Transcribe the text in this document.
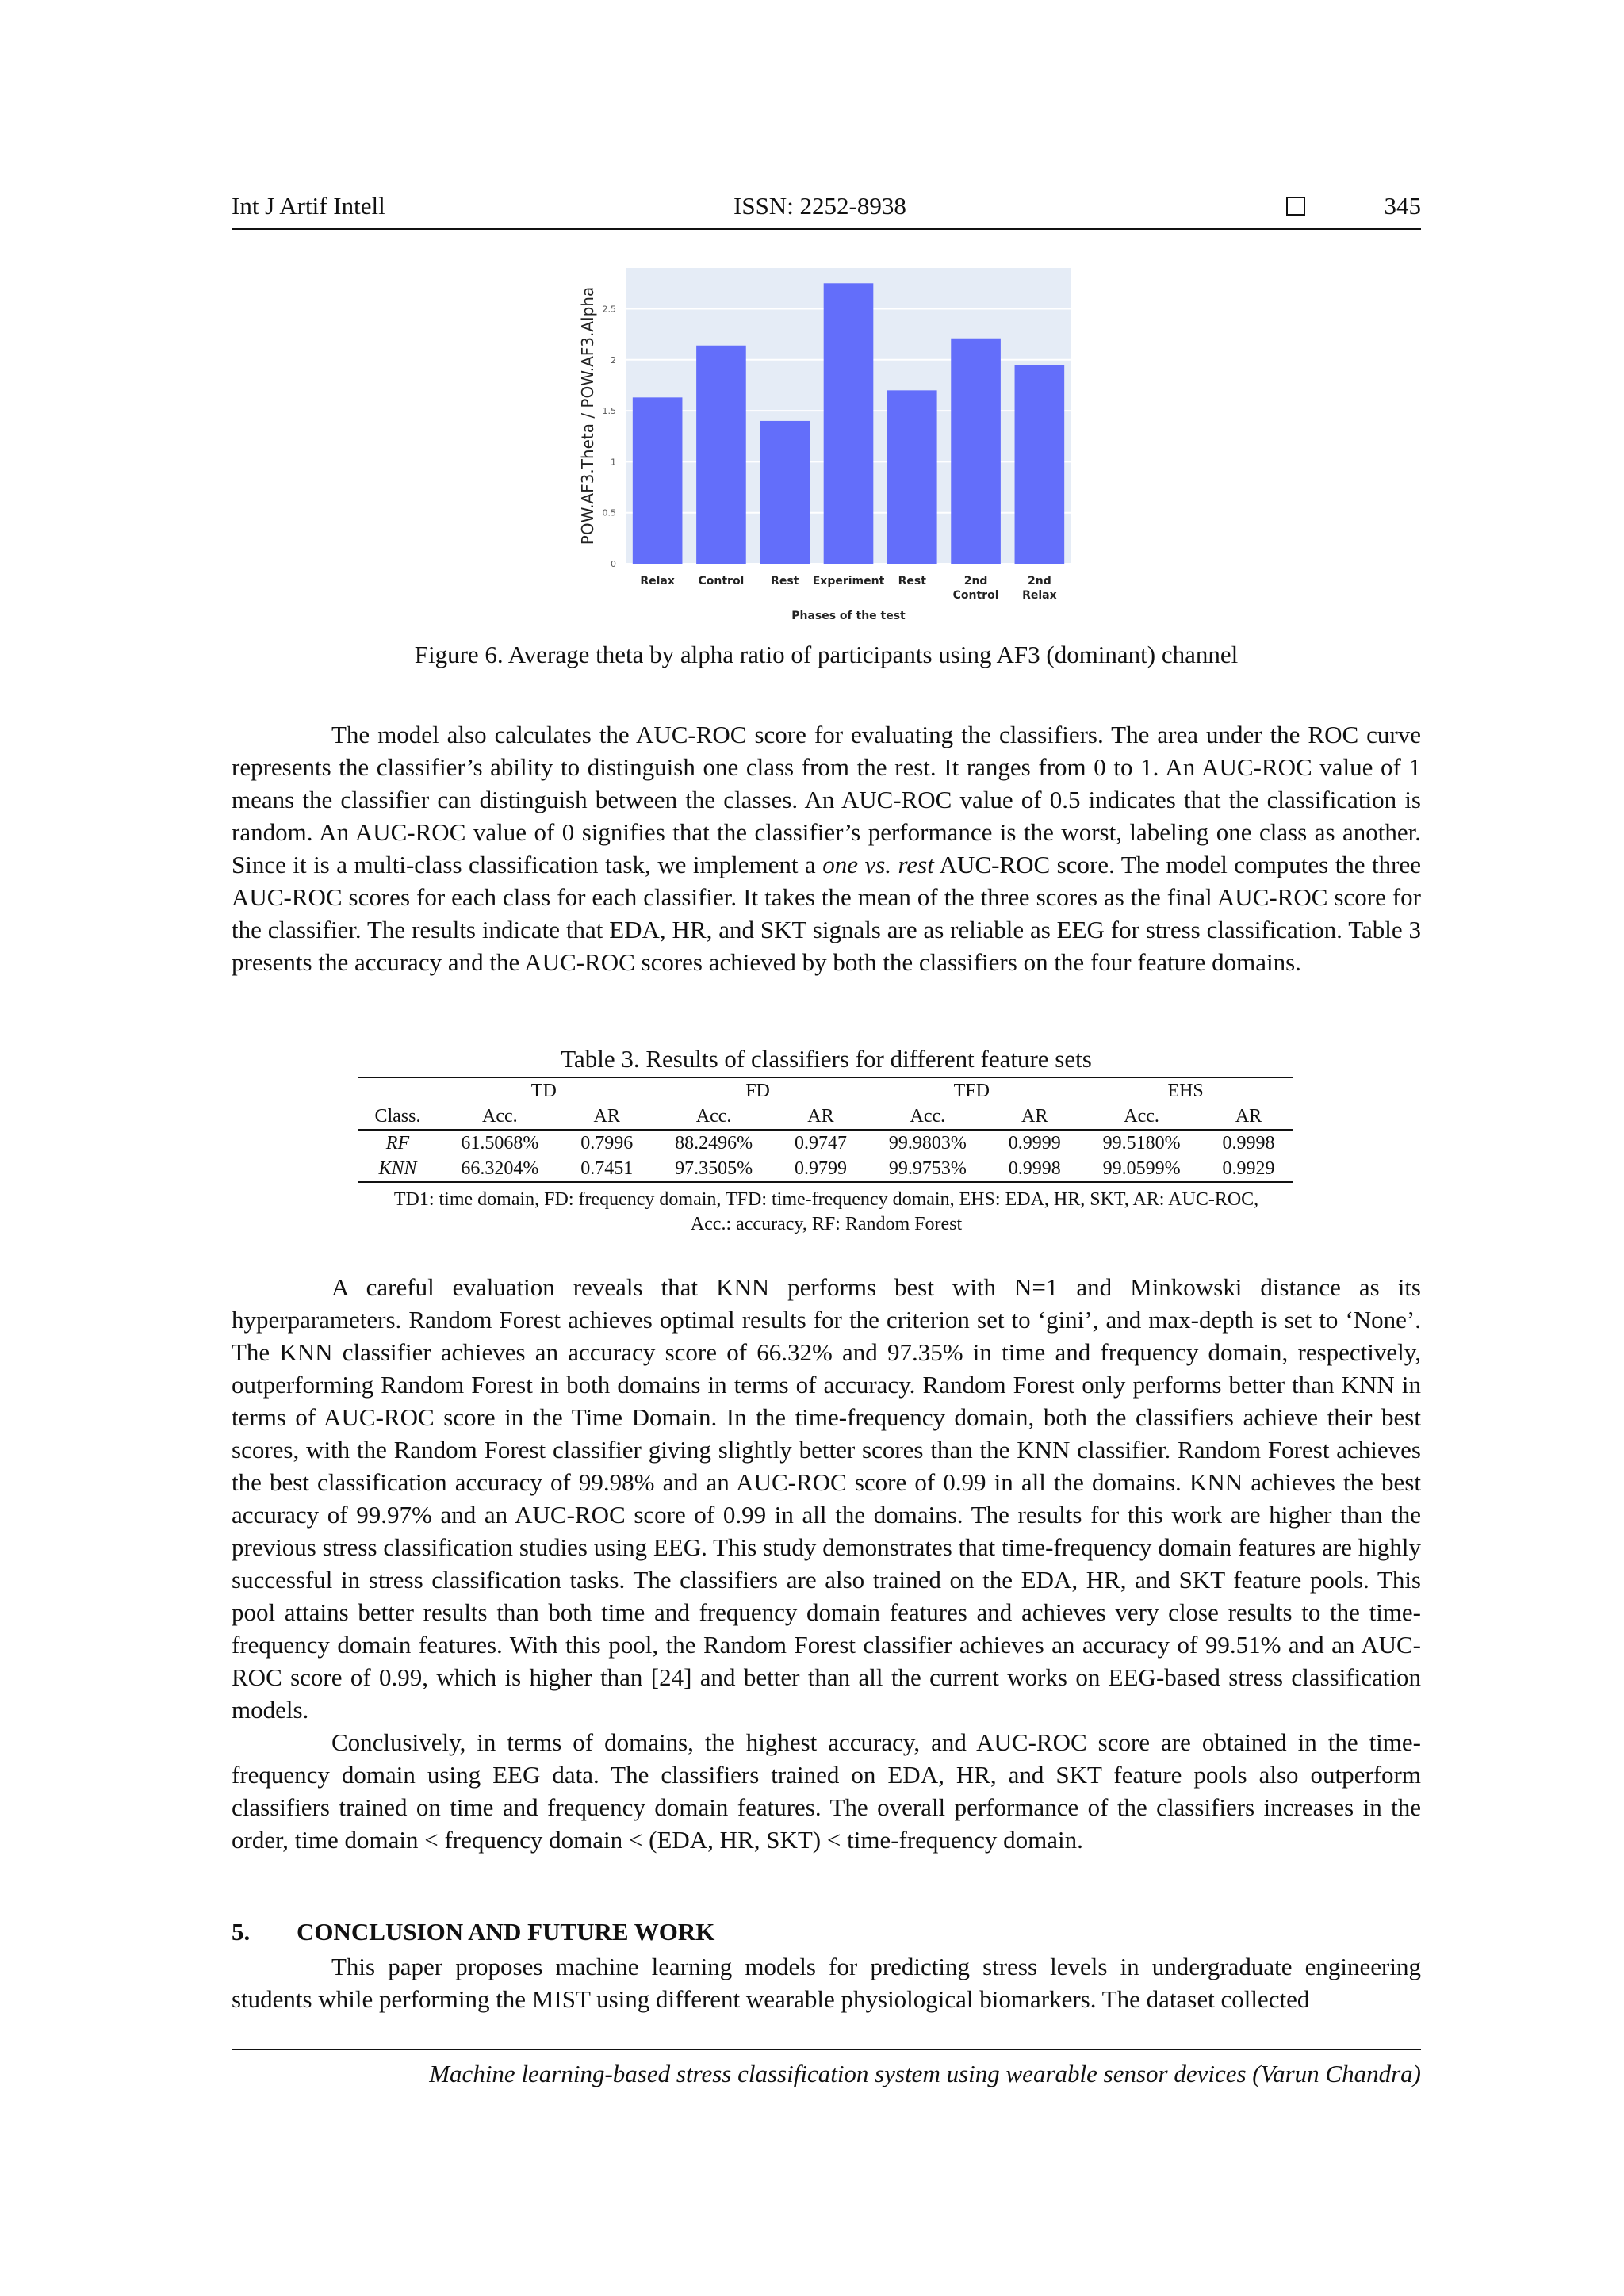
Int J Artif Intell	ISSN: 2252-8938	345
0
0.5
1
1.5
2
2.5
Relax Control Rest Experiment Rest	2nd
Control
2nd
Relax
Phases of the test
POW.AF3.Theta / POW.AF3.Alpha
Figure 6. Average theta by alpha ratio of participants using AF3 (dominant) channel

The model also calculates the AUC-ROC score for evaluating the classifiers. The area under the ROC curve represents the classifier’s ability to distinguish one class from the rest. It ranges from 0 to 1. An AUC-ROC value of 1 means the classifier can distinguish between the classes. An AUC-ROC value of 0.5 indicates that the classification is random. An AUC-ROC value of 0 signifies that the classifier’s performance is the worst, labeling one class as another. Since it is a multi-class classification task, we implement a one vs. rest AUC-ROC score. The model computes the three AUC-ROC scores for each class for each classifier. It takes the mean of the three scores as the final AUC-ROC score for the classifier. The results indicate that EDA, HR, and SKT signals are as reliable as EEG for stress classification. Table 3 presents the accuracy and the AUC-ROC scores achieved by both the classifiers on the four feature domains.

Table 3. Results of classifiers for different feature sets
	TD		FD		TFD		EHS	
Class.	Acc.	AR	Acc.	AR	Acc.	AR	Acc.	AR
RF	61.5068%	0.7996	88.2496%	0.9747	99.9803%	0.9999	99.5180%	0.9998
KNN	66.3204%	0.7451	97.3505%	0.9799	99.9753%	0.9998	99.0599%	0.9929
TD1: time domain, FD: frequency domain, TFD: time-frequency domain, EHS: EDA, HR, SKT, AR: AUC-ROC,
Acc.: accuracy, RF: Random Forest

A careful evaluation reveals that KNN performs best with N=1 and Minkowski distance as its hyperparameters. Random Forest achieves optimal results for the criterion set to ‘gini’, and max-depth is set to ‘None’. The KNN classifier achieves an accuracy score of 66.32% and 97.35% in time and frequency domain, respectively, outperforming Random Forest in both domains in terms of accuracy. Random Forest only performs better than KNN in terms of AUC-ROC score in the Time Domain. In the time-frequency domain, both the classifiers achieve their best scores, with the Random Forest classifier giving slightly better scores than the KNN classifier. Random Forest achieves the best classification accuracy of 99.98% and an AUC-ROC score of 0.99 in all the domains. KNN achieves the best accuracy of 99.97% and an AUC-ROC score of 0.99 in all the domains. The results for this work are higher than the previous stress classification studies using EEG. This study demonstrates that time-frequency domain features are highly successful in stress classification tasks. The classifiers are also trained on the EDA, HR, and SKT feature pools. This pool attains better results than both time and frequency domain features and achieves very close results to the time-frequency domain features. With this pool, the Random Forest classifier achieves an accuracy of 99.51% and an AUC-ROC score of 0.99, which is higher than [24] and better than all the current works on EEG-based stress classification models.

Conclusively, in terms of domains, the highest accuracy, and AUC-ROC score are obtained in the time-frequency domain using EEG data. The classifiers trained on EDA, HR, and SKT feature pools also outperform classifiers trained on time and frequency domain features. The overall performance of the classifiers increases in the order, time domain < frequency domain < (EDA, HR, SKT) < time-frequency domain.

5. CONCLUSION AND FUTURE WORK

This paper proposes machine learning models for predicting stress levels in undergraduate engineering students while performing the MIST using different wearable physiological biomarkers. The dataset collected

Machine learning-based stress classification system using wearable sensor devices (Varun Chandra)
